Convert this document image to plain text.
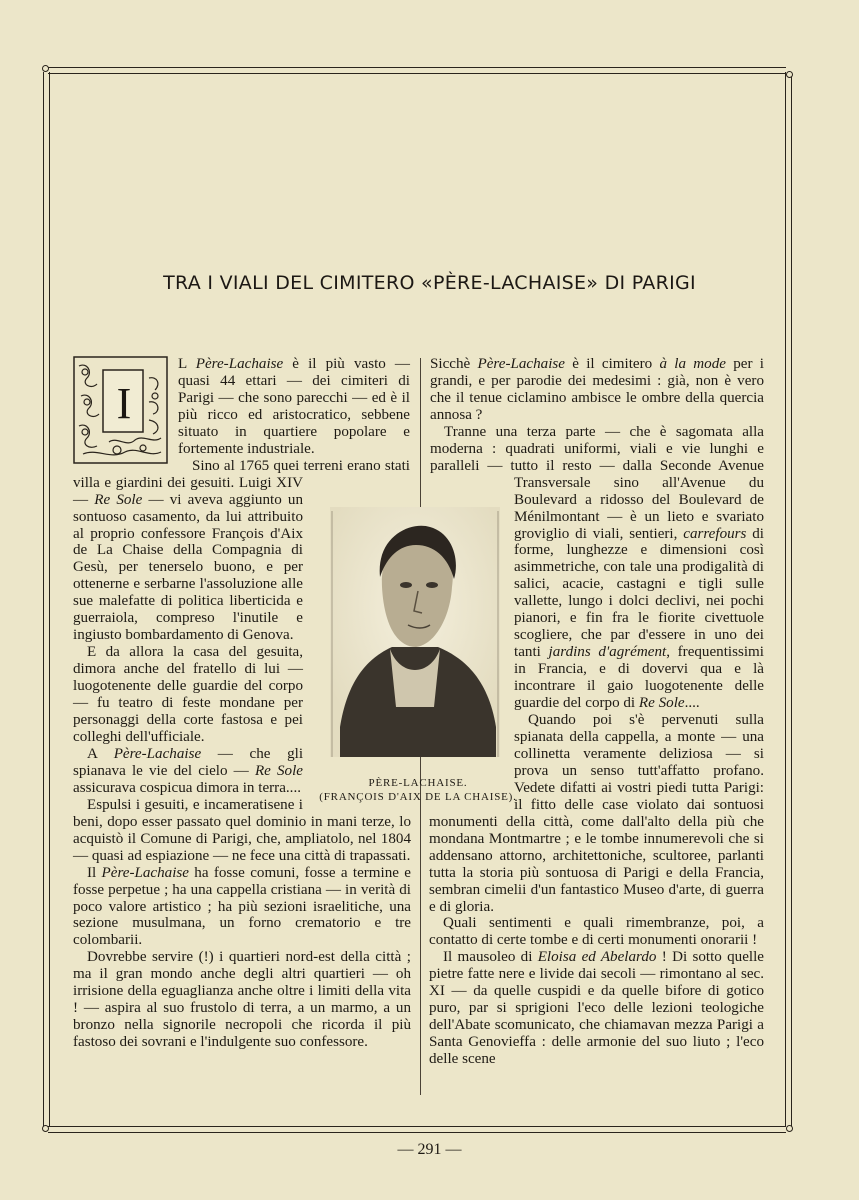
TRA I VIALI DEL CIMITERO «PÈRE-LACHAISE» DI PARIGI
I

L Père-Lachaise è il più vasto — quasi 44 ettari — dei cimiteri di Parigi — che sono parecchi — ed è il più ricco ed aristocratico, sebbene situato in quartiere popolare e fortemente industriale.

Sino al 1765 quei terreni erano stati villa e giardini dei gesuiti. Luigi XIV — Re Sole — vi aveva aggiunto un sontuoso casamento, da lui attribuito al proprio confessore François d'Aix de La Chaise della Compagnia di Gesù, per tenerselo buono, e per ottenerne e serbarne l'assoluzione alle sue malefatte di politica liberticida e guerraiola, compreso l'inutile e ingiusto bombardamento di Genova.

E da allora la casa del gesuita, dimora anche del fratello di lui — luogotenente delle guardie del corpo — fu teatro di feste mondane per personaggi della corte fastosa e pei colleghi dell'ufficiale.

A Père-Lachaise — che gli spianava le vie del cielo — Re Sole assicurava cospicua dimora in terra....

Espulsi i gesuiti, e incameratisene i beni, dopo esser passato quel dominio in mani terze, lo acquistò il Comune di Parigi, che, ampliatolo, nel 1804 — quasi ad espiazione — ne fece una città di trapassati.

Il Père-Lachaise ha fosse comuni, fosse a termine e fosse perpetue ; ha una cappella cristiana — in verità di poco valore artistico ; ha più sezioni israelitiche, una sezione musulmana, un forno crematorio e tre colombarii.

Dovrebbe servire (!) i quartieri nord-est della città ; ma il gran mondo anche degli altri quartieri — oh irrisione della eguaglianza anche oltre i limiti della vita ! — aspira al suo frustolo di terra, a un marmo, a un bronzo nella signorile necropoli che ricorda il più fastoso dei sovrani e l'indulgente suo confessore.

Sicchè Père-Lachaise è il cimitero à la mode per i grandi, e per parodie dei medesimi : già, non è vero che il tenue ciclamino ambisce le ombre della quercia annosa ?

Tranne una terza parte — che è sagomata alla moderna : quadrati uniformi, viali e vie lunghi e paralleli — tutto il resto — dalla Seconde Avenue Transversale sino all'Avenue du Boulevard a ridosso del Boulevard de Ménilmontant — è un lieto e svariato groviglio di viali, sentieri, carrefours di forme, lunghezze e dimensioni così asimmetriche, con tale una prodigalità di salici, acacie, castagni e tigli sulle vallette, lungo i dolci declivi, nei pochi pianori, e fin fra le fiorite civettuole scogliere, che par d'essere in uno dei tanti jardins d'agrément, frequentissimi in Francia, e di dovervi qua e là incontrare il gaio luogotenente delle guardie del corpo di Re Sole....

Quando poi s'è pervenuti sulla spianata della cappella, a monte — una collinetta veramente deliziosa — si prova un senso tutt'affatto profano. Vedete difatti ai vostri piedi tutta Parigi: il fitto delle case violato dai sontuosi monumenti della città, come dall'alto della più che mondana Montmartre ; e le tombe innumerevoli che si addensano attorno, architettoniche, scultoree, parlanti tutta la storia più sontuosa di Parigi e della Francia, sembran cimelii d'un fantastico Museo d'arte, di guerra e di gloria.

Quali sentimenti e quali rimembranze, poi, a contatto di certe tombe e di certi monumenti onorarii !

Il mausoleo di Eloisa ed Abelardo ! Di sotto quelle pietre fatte nere e livide dai secoli — rimontano al sec. XI — da quelle cuspidi e da quelle bifore di gotico puro, par si sprigioni l'eco delle lezioni teologiche dell'Abate scomunicato, che chiamavan mezza Parigi a Santa Genovieffa : delle armonie del suo liuto ; l'eco delle scene

PÈRE-LACHAISE.
(FRANÇOIS D'AIX DE LA CHAISE).
— 291 —
